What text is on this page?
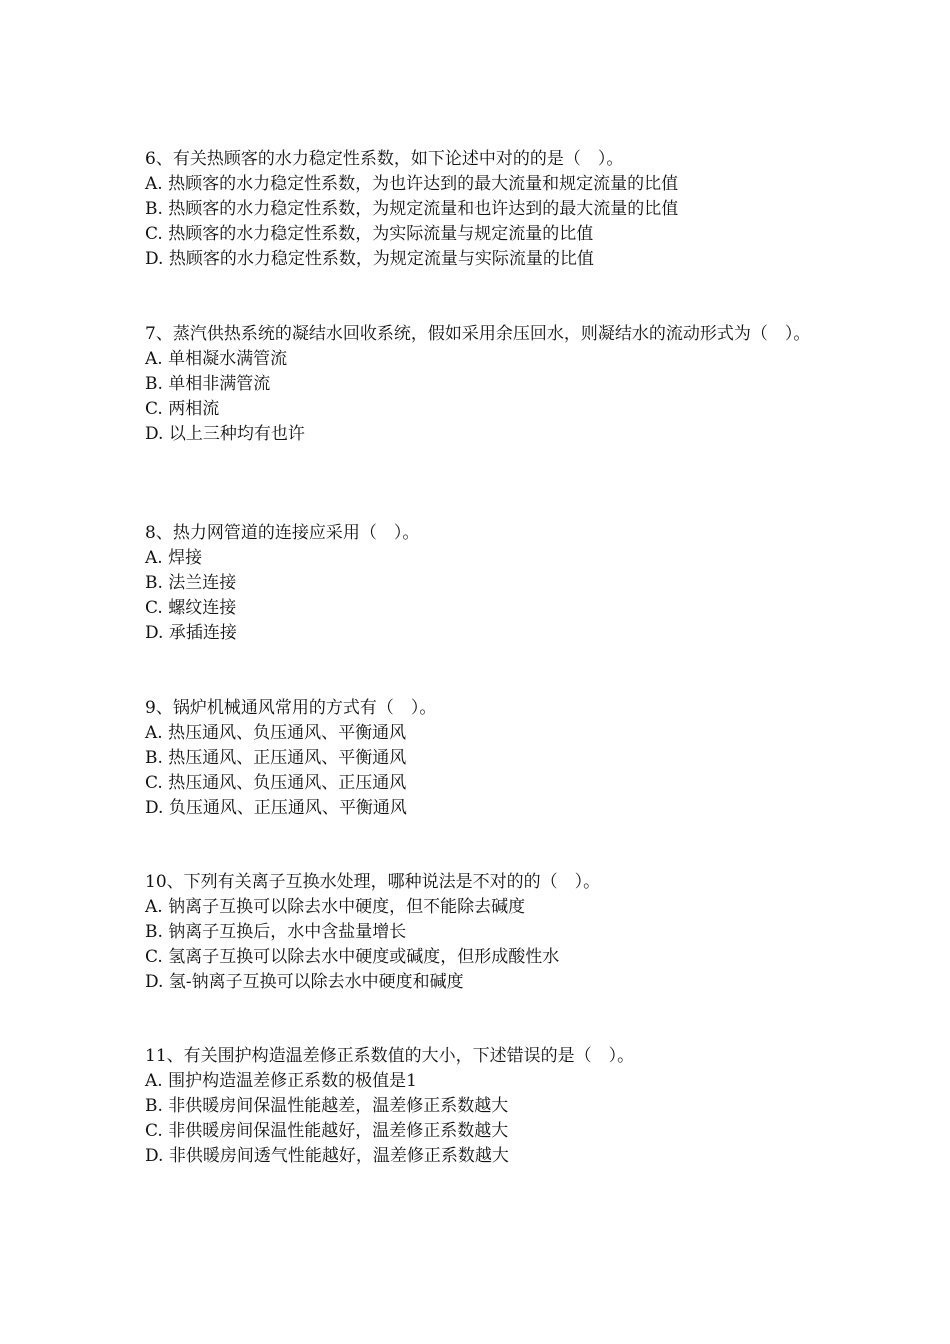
6、有关热顾客的水力稳定性系数，如下论述中对的的是（　）。
A. 热顾客的水力稳定性系数，为也许达到的最大流量和规定流量的比值
B. 热顾客的水力稳定性系数，为规定流量和也许达到的最大流量的比值
C. 热顾客的水力稳定性系数，为实际流量与规定流量的比值
D. 热顾客的水力稳定性系数，为规定流量与实际流量的比值
7、蒸汽供热系统的凝结水回收系统，假如采用余压回水，则凝结水的流动形式为（　）。
A. 单相凝水满管流
B. 单相非满管流
C. 两相流
D. 以上三种均有也许
8、热力网管道的连接应采用（　）。
A. 焊接
B. 法兰连接
C. 螺纹连接
D. 承插连接
9、锅炉机械通风常用的方式有（　）。
A. 热压通风、负压通风、平衡通风
B. 热压通风、正压通风、平衡通风
C. 热压通风、负压通风、正压通风
D. 负压通风、正压通风、平衡通风
10、下列有关离子互换水处理，哪种说法是不对的的（　）。
A. 钠离子互换可以除去水中硬度，但不能除去碱度
B. 钠离子互换后，水中含盐量增长
C. 氢离子互换可以除去水中硬度或碱度，但形成酸性水
D. 氢-钠离子互换可以除去水中硬度和碱度
11、有关围护构造温差修正系数值的大小，下述错误的是（　）。
A. 围护构造温差修正系数的极值是1
B. 非供暖房间保温性能越差，温差修正系数越大
C. 非供暖房间保温性能越好，温差修正系数越大
D. 非供暖房间透气性能越好，温差修正系数越大
